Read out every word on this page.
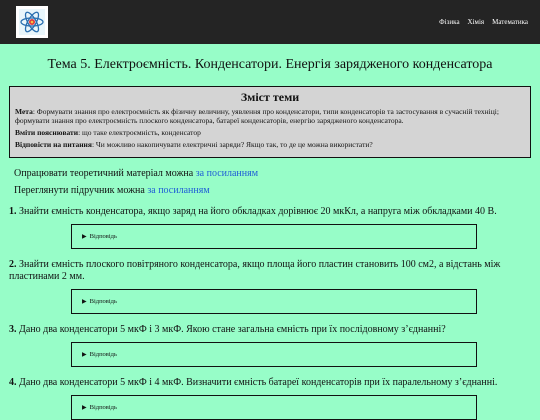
Фізика Хімія Математика
Тема 5. Електроємність. Конденсатори. Енергія зарядженого конденсатора
Зміст теми

Мета: Формувати знання про електроємність як фізичну величину, уявлення про конденсатори, типи конденсаторів та застосування в сучасній техніці; формувати знання про електроємність плоского конденсатора, батареї конденсаторів, енергію зарядженого конденсатора.

Вміти пояснювати: що таке електроємність, конденсатор

Відповісти на питання: Чи можливо накопичувати електричні заряди? Якщо так, то де це можна використати?

Опрацювати теоретичний матеріал можна за посиланням

Переглянути підручник можна за посиланням

1. Знайти ємність конденсатора, якщо заряд на його обкладках дорівнює 20 мкКл, а напруга між обкладками 40 В.

▶ Відповідь

2. Знайти ємність плоского повітряного конденсатора, якщо площа його пластин становить 100 см2, а відстань між пластинами 2 мм.

▶ Відповідь

3. Дано два конденсатори 5 мкФ і 3 мкФ. Якою стане загальна ємність при їх послідовному з’єднанні?

▶ Відповідь

4. Дано два конденсатори 5 мкФ і 4 мкФ. Визначити ємність батареї конденсаторів при їх паралельному з’єднанні.

▶ Відповідь
